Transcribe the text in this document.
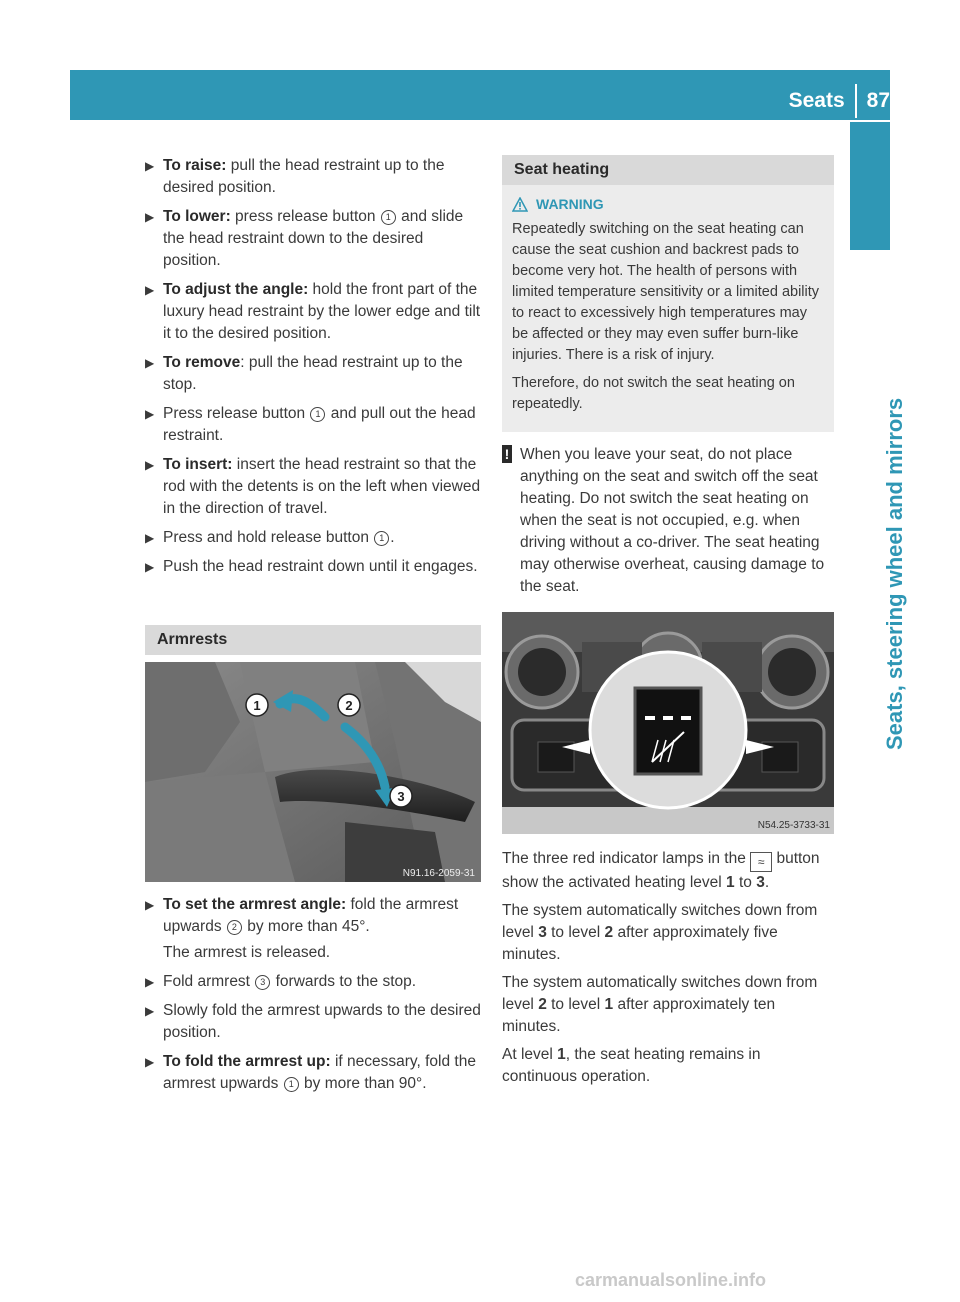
Seats 87
Seats, steering wheel and mirrors
▶ To raise: pull the head restraint up to the desired position.
▶ To lower: press release button 1 and slide the head restraint down to the desired position.
▶ To adjust the angle: hold the front part of the luxury head restraint by the lower edge and tilt it to the desired position.
▶ To remove: pull the head restraint up to the stop.
▶ Press release button 1 and pull out the head restraint.
▶ To insert: insert the head restraint so that the rod with the detents is on the left when viewed in the direction of travel.
▶ Press and hold release button 1 .
▶ Push the head restraint down until it engages.
Armrests
1	2
3
N91.16-2059-31
▶ To set the armrest angle: fold the armrest upwards 2 by more than 45°.
The armrest is released.
▶ Fold armrest 3 forwards to the stop.
▶ Slowly fold the armrest upwards to the desired position.
▶ To fold the armrest up: if necessary, fold the armrest upwards 1 by more than 90°.
Seat heating
WARNING

Repeatedly switching on the seat heating can cause the seat cushion and backrest pads to become very hot. The health of persons with limited temperature sensitivity or a limited ability to react to excessively high temperatures may be affected or they may even suffer burn-like injuries. There is a risk of injury.

Therefore, do not switch the seat heating on repeatedly.

! When you leave your seat, do not place anything on the seat and switch off the seat heating. Do not switch the seat heating on when the seat is not occupied, e.g. when driving without a co-driver. The seat heating may otherwise overheat, causing damage to the seat.
N54.25-3733-31

The three red indicator lamps in the ≈ button show the activated heating level 1 to 3.

The system automatically switches down from level 3 to level 2 after approximately five minutes.

The system automatically switches down from level 2 to level 1 after approximately ten minutes.

At level 1, the seat heating remains in continuous operation.

carmanualsonline.info
